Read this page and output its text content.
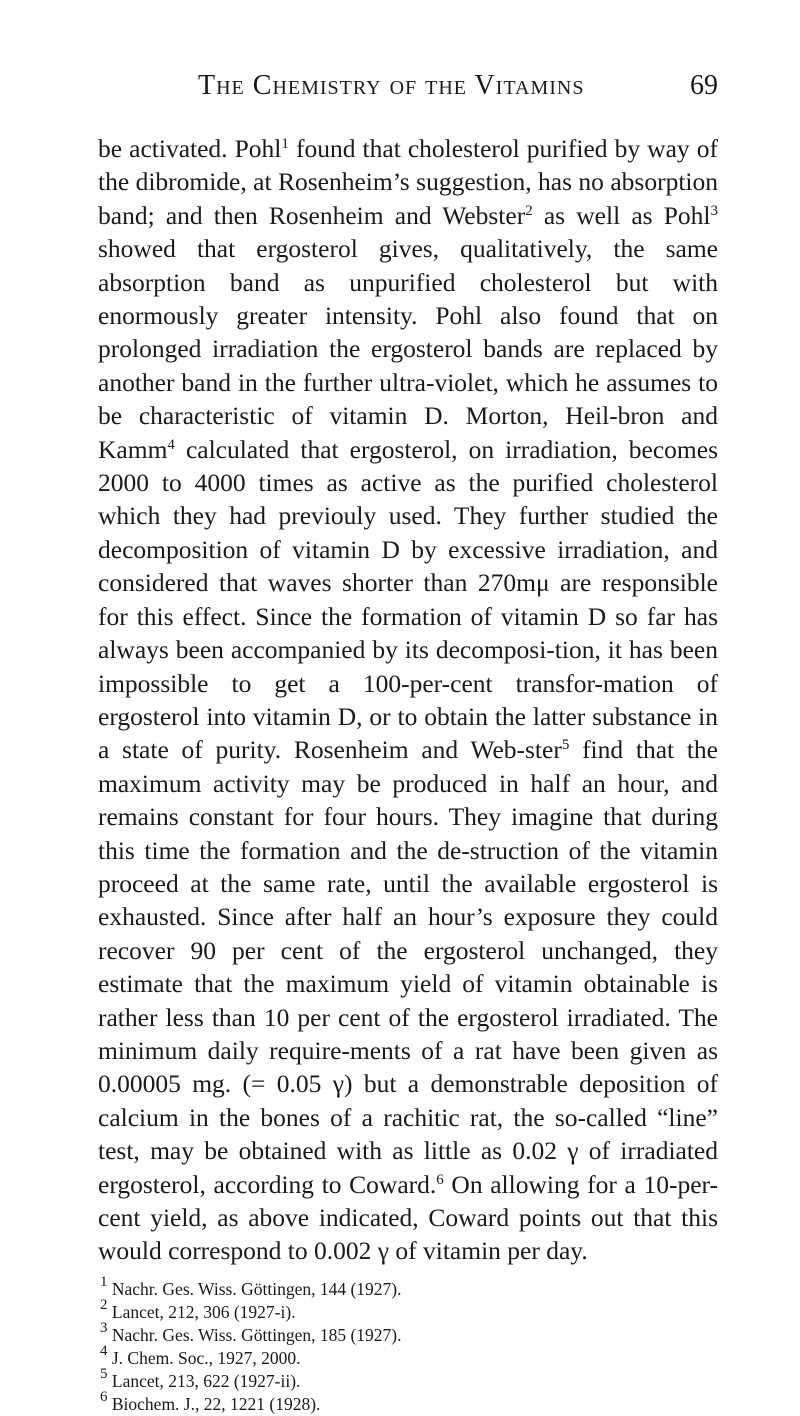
The Chemistry of the Vitamins	69

be activated. Pohl$^1$ found that cholesterol purified by way of the dibromide, at Rosenheim’s suggestion, has no absorption band; and then Rosenheim and Webster$^2$ as well as Pohl$^3$ showed that ergosterol gives, qualitatively, the same absorption band as unpurified cholesterol but with enormously greater intensity. Pohl also found that on prolonged irradiation the ergosterol bands are replaced by another band in the further ultra-violet, which he assumes to be characteristic of vitamin D. Morton, Heil-bron and Kamm$^4$ calculated that ergosterol, on irradiation, becomes 2000 to 4000 times as active as the purified cholesterol which they had previouly used. They further studied the decomposition of vitamin D by excessive irradiation, and considered that waves shorter than 270mμ are responsible for this effect. Since the formation of vitamin D so far has always been accompanied by its decomposi-tion, it has been impossible to get a 100-per-cent transfor-mation of ergosterol into vitamin D, or to obtain the latter substance in a state of purity. Rosenheim and Web-ster$^5$ find that the maximum activity may be produced in half an hour, and remains constant for four hours. They imagine that during this time the formation and the de-struction of the vitamin proceed at the same rate, until the available ergosterol is exhausted. Since after half an hour’s exposure they could recover 90 per cent of the ergosterol unchanged, they estimate that the maximum yield of vitamin obtainable is rather less than 10 per cent of the ergosterol irradiated. The minimum daily require-ments of a rat have been given as 0.00005 mg. (= 0.05 γ) but a demonstrable deposition of calcium in the bones of a rachitic rat, the so-called “line” test, may be obtained with as little as 0.02 γ of irradiated ergosterol, according to Coward.$^6$ On allowing for a 10-per-cent yield, as above indicated, Coward points out that this would correspond to 0.002 γ of vitamin per day.

$^1$ Nachr. Ges. Wiss. Göttingen, 144 (1927).
$^2$ Lancet, 212, 306 (1927-i).
$^3$ Nachr. Ges. Wiss. Göttingen, 185 (1927).
$^4$ J. Chem. Soc., 1927, 2000.
$^5$ Lancet, 213, 622 (1927-ii).
$^6$ Biochem. J., 22, 1221 (1928).
